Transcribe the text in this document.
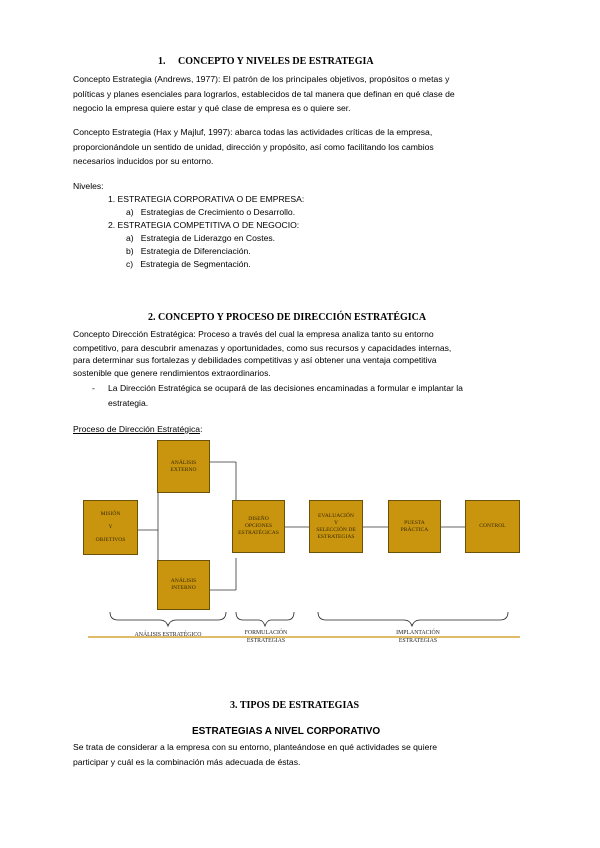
1.     CONCEPTO Y NIVELES DE ESTRATEGIA
Concepto Estrategia (Andrews, 1977): El patrón de los principales objetivos, propósitos o metas y
políticas y planes esenciales para lograrlos, establecidos de tal manera que definan en qué clase de
negocio la empresa quiere estar y qué clase de empresa es o quiere ser.
Concepto Estrategia (Hax y Majluf, 1997): abarca todas las actividades críticas de la empresa,
proporcionándole un sentido de unidad, dirección y propósito, así como facilitando los cambios
necesarios inducidos por su entorno.
Niveles:
1. ESTRATEGIA CORPORATIVA O DE EMPRESA:
a)   Estrategias de Crecimiento o Desarrollo.
2. ESTRATEGIA COMPETITIVA O DE NEGOCIO:
a)   Estrategia de Liderazgo en Costes.
b)   Estrategia de Diferenciación.
c)   Estrategia de Segmentación.
2. CONCEPTO Y PROCESO DE DIRECCIÓN ESTRATÉGICA
Concepto Dirección Estratégica: Proceso a través del cual la empresa analiza tanto su entorno
competitivo, para descubrir amenazas y oportunidades, como sus recursos y capacidades internas,
para determinar sus fortalezas y debilidades competitivas y así obtener una ventaja competitiva
sostenible que genere rendimientos extraordinarios.
- La Dirección Estratégica se ocupará de las decisiones encaminadas a formular e implantar la
estrategia.
Proceso de Dirección Estratégica:
ANÁLISIS
EXTERNO
MISIÓN
Y
OBJETIVOS
DISEÑO
OPCIONES
ESTRATÉGICAS
EVALUACIÓN
Y
SELECCIÓN DE
ESTRATEGIAS
PUESTA
PRÁCTICA
CONTROL
ANÁLISIS
INTERNO
ANÁLISIS ESTRATÉGICO	FORMULACIÓN
ESTRATEGIAS
IMPLANTACIÓN
ESTRATEGIAS
3. TIPOS DE ESTRATEGIAS
ESTRATEGIAS A NIVEL CORPORATIVO
Se trata de considerar a la empresa con su entorno, planteándose en qué actividades se quiere
participar y cuál es la combinación más adecuada de éstas.
